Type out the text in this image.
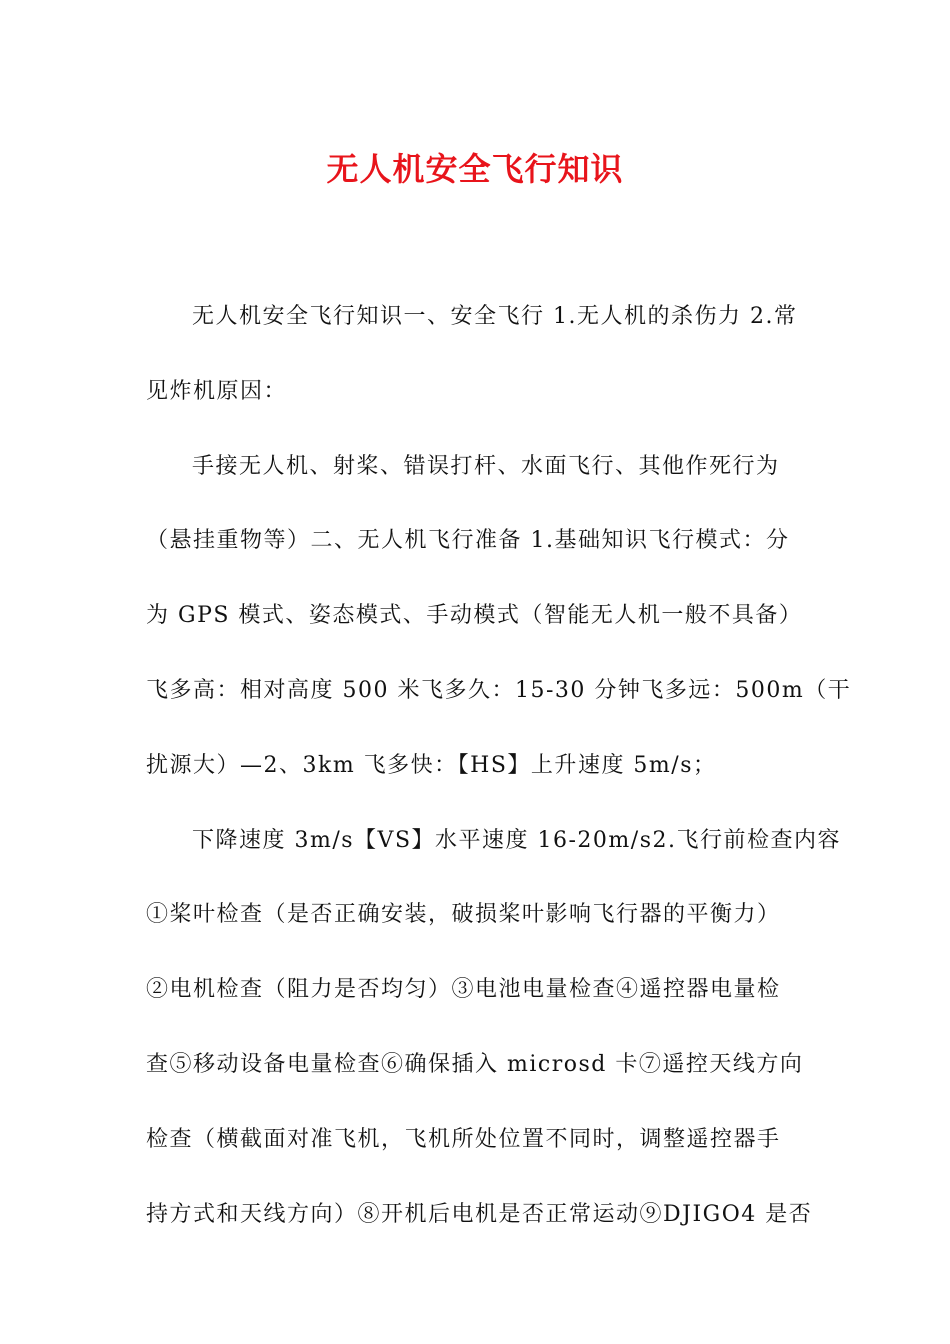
无人机安全飞行知识
无人机安全飞行知识一、安全飞行 1.无人机的杀伤力 2.常
见炸机原因：
手接无人机、射桨、错误打杆、水面飞行、其他作死行为
（悬挂重物等）二、无人机飞行准备 1.基础知识飞行模式：分
为 GPS 模式、姿态模式、手动模式（智能无人机一般不具备）
飞多高：相对高度 500 米飞多久：15-30 分钟飞多远：500m（干
扰源大）—2、3km 飞多快：【HS】上升速度 5m/s；
下降速度 3m/s【VS】水平速度 16-20m/s2.飞行前检查内容
①桨叶检查（是否正确安装，破损桨叶影响飞行器的平衡力）
②电机检查（阻力是否均匀）③电池电量检查④遥控器电量检
查⑤移动设备电量检查⑥确保插入 microsd 卡⑦遥控天线方向
检查（横截面对准飞机，飞机所处位置不同时，调整遥控器手
持方式和天线方向）⑧开机后电机是否正常运动⑨DJIGO4 是否
